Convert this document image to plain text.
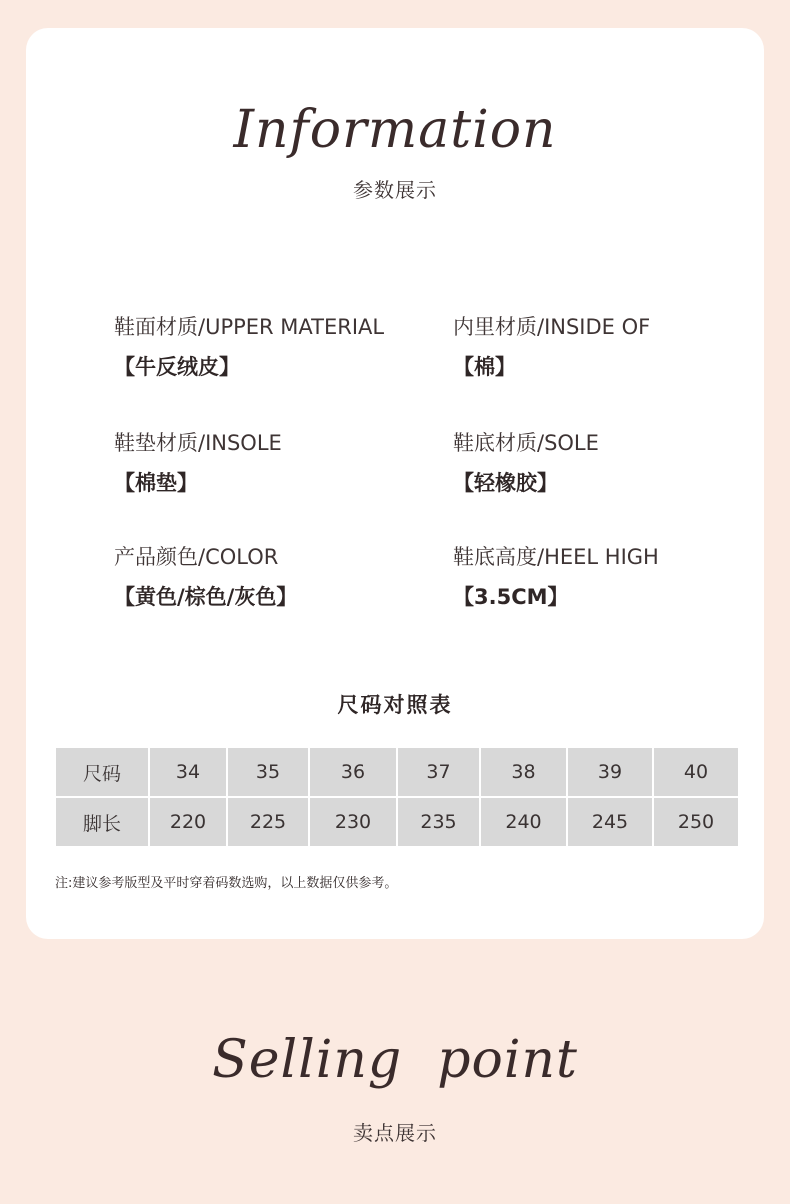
Information
参数展示
鞋面材质/UPPER MATERIAL
【牛反绒皮】
内里材质/INSIDE OF
【棉】
鞋垫材质/INSOLE
【棉垫】
鞋底材质/SOLE
【轻橡胶】
产品颜色/COLOR
【黄色/棕色/灰色】
鞋底高度/HEEL HIGH
【3.5CM】
尺码对照表
尺码	34	35	36	37	38	39	40
脚长	220	225	230	235	240	245	250
注:建议参考版型及平时穿着码数选购，以上数据仅供参考。
Selling  point
卖点展示
